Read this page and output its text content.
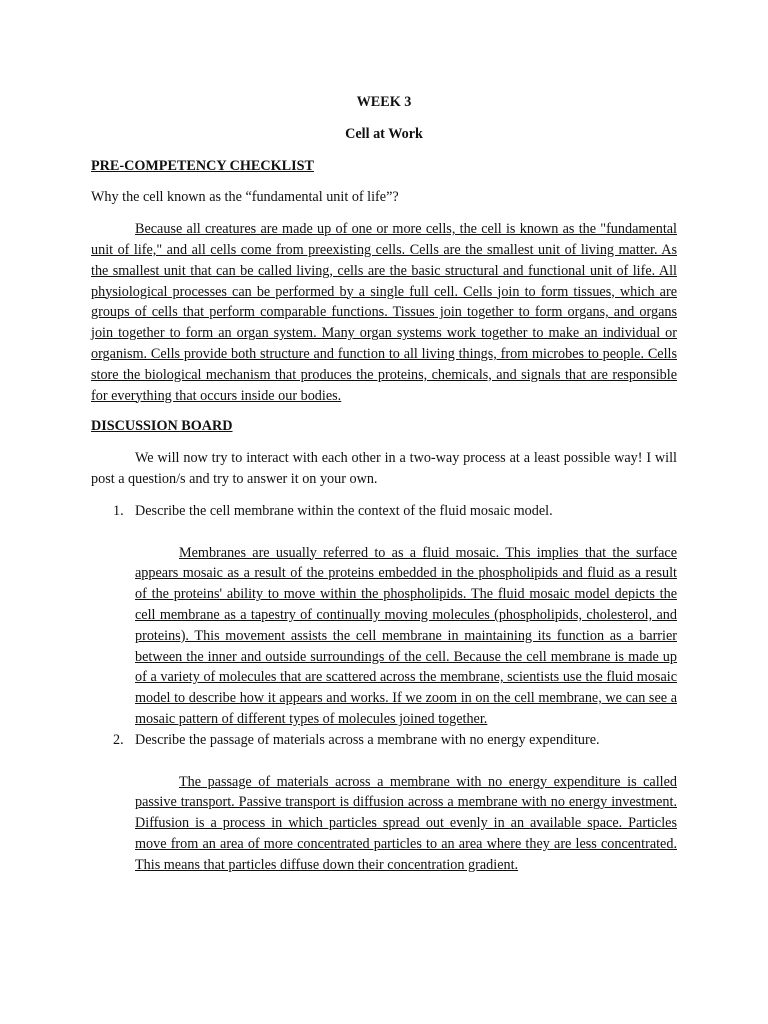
WEEK 3
Cell at Work
PRE-COMPETENCY CHECKLIST
Why the cell known as the “fundamental unit of life”?
Because all creatures are made up of one or more cells, the cell is known as the "fundamental unit of life," and all cells come from preexisting cells. Cells are the smallest unit of living matter. As the smallest unit that can be called living, cells are the basic structural and functional unit of life. All physiological processes can be performed by a single full cell. Cells join to form tissues, which are groups of cells that perform comparable functions. Tissues join together to form organs, and organs join together to form an organ system. Many organ systems work together to make an individual or organism. Cells provide both structure and function to all living things, from microbes to people. Cells store the biological mechanism that produces the proteins, chemicals, and signals that are responsible for everything that occurs inside our bodies.
DISCUSSION BOARD
We will now try to interact with each other in a two-way process at a least possible way! I will post a question/s and try to answer it on your own.
1. Describe the cell membrane within the context of the fluid mosaic model.
Membranes are usually referred to as a fluid mosaic. This implies that the surface appears mosaic as a result of the proteins embedded in the phospholipids and fluid as a result of the proteins' ability to move within the phospholipids. The fluid mosaic model depicts the cell membrane as a tapestry of continually moving molecules (phospholipids, cholesterol, and proteins). This movement assists the cell membrane in maintaining its function as a barrier between the inner and outside surroundings of the cell. Because the cell membrane is made up of a variety of molecules that are scattered across the membrane, scientists use the fluid mosaic model to describe how it appears and works. If we zoom in on the cell membrane, we can see a mosaic pattern of different types of molecules joined together.
2. Describe the passage of materials across a membrane with no energy expenditure.
The passage of materials across a membrane with no energy expenditure is called passive transport. Passive transport is diffusion across a membrane with no energy investment. Diffusion is a process in which particles spread out evenly in an available space. Particles move from an area of more concentrated particles to an area where they are less concentrated. This means that particles diffuse down their concentration gradient.
